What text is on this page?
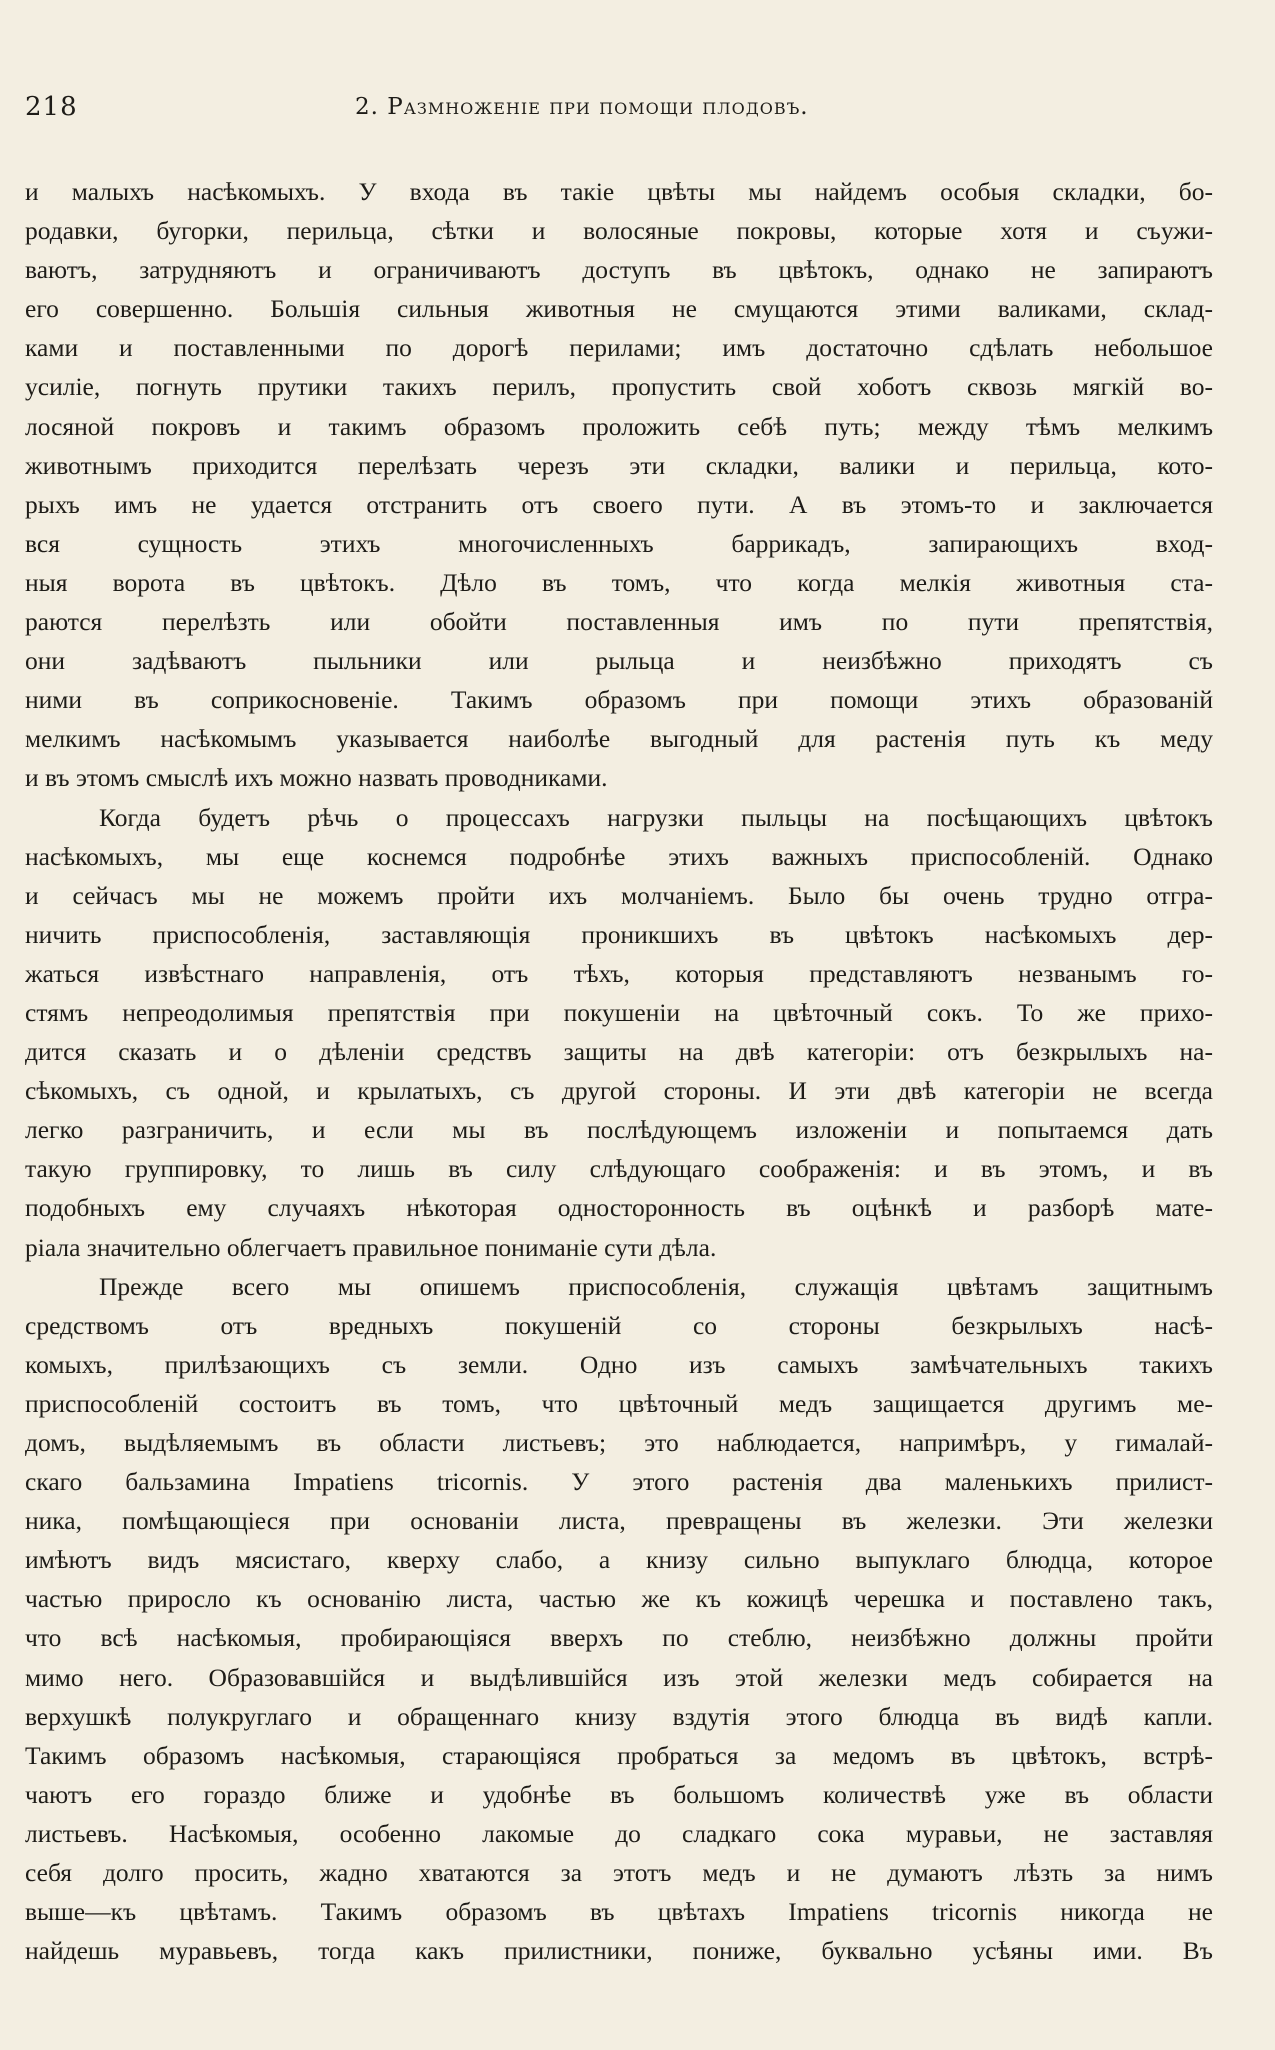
218	2. Размноженіе при помощи плодовъ.
и малыхъ насѣкомыхъ. У входа въ такіе цвѣты мы найдемъ особыя складки, бо-
родавки, бугорки, перильца, сѣтки и волосяные покровы, которые хотя и съужи-
ваютъ, затрудняютъ и ограничиваютъ доступъ въ цвѣтокъ, однако не запираютъ
его совершенно. Большія сильныя животныя не смущаются этими валиками, склад-
ками и поставленными по дорогѣ перилами; имъ достаточно сдѣлать небольшое
усиліе, погнуть прутики такихъ перилъ, пропустить свой хоботъ сквозь мягкій во-
лосяной покровъ и такимъ образомъ проложить себѣ путь; между тѣмъ мелкимъ
животнымъ приходится перелѣзать черезъ эти складки, валики и перильца, кото-
рыхъ имъ не удается отстранить отъ своего пути. А въ этомъ-то и заключается
вся сущность этихъ многочисленныхъ баррикадъ, запирающихъ вход-
ныя ворота въ цвѣтокъ. Дѣло въ томъ, что когда мелкія животныя ста-
раются перелѣзть или обойти поставленныя имъ по пути препятствія,
они задѣваютъ пыльники или рыльца и неизбѣжно приходятъ съ
ними въ соприкосновеніе. Такимъ образомъ при помощи этихъ образованій
мелкимъ насѣкомымъ указывается наиболѣе выгодный для растенія путь къ меду
и въ этомъ смыслѣ ихъ можно назвать проводниками.
Когда будетъ рѣчь о процессахъ нагрузки пыльцы на посѣщающихъ цвѣтокъ
насѣкомыхъ, мы еще коснемся подробнѣе этихъ важныхъ приспособленій. Однако
и сейчасъ мы не можемъ пройти ихъ молчаніемъ. Было бы очень трудно отгра-
ничить приспособленія, заставляющія проникшихъ въ цвѣтокъ насѣкомыхъ дер-
жаться извѣстнаго направленія, отъ тѣхъ, которыя представляютъ незванымъ го-
стямъ непреодолимыя препятствія при покушеніи на цвѣточный сокъ. То же прихо-
дится сказать и о дѣленіи средствъ защиты на двѣ категоріи: отъ безкрылыхъ на-
сѣкомыхъ, съ одной, и крылатыхъ, съ другой стороны. И эти двѣ категоріи не всегда
легко разграничить, и если мы въ послѣдующемъ изложеніи и попытаемся дать
такую группировку, то лишь въ силу слѣдующаго соображенія: и въ этомъ, и въ
подобныхъ ему случаяхъ нѣкоторая односторонность въ оцѣнкѣ и разборѣ мате-
ріала значительно облегчаетъ правильное пониманіе сути дѣла.
Прежде всего мы опишемъ приспособленія, служащія цвѣтамъ защитнымъ
средствомъ отъ вредныхъ покушеній со стороны безкрылыхъ насѣ-
комыхъ, прилѣзающихъ съ земли. Одно изъ самыхъ замѣчательныхъ такихъ
приспособленій состоитъ въ томъ, что цвѣточный медъ защищается другимъ ме-
домъ, выдѣляемымъ въ области листьевъ; это наблюдается, напримѣръ, у гималай-
скаго бальзамина Impatiens tricornis. У этого растенія два маленькихъ прилист-
ника, помѣщающіеся при основаніи листа, превращены въ железки. Эти железки
имѣютъ видъ мясистаго, кверху слабо, а книзу сильно выпуклаго блюдца, которое
частью приросло къ основанію листа, частью же къ кожицѣ черешка и поставлено такъ,
что всѣ насѣкомыя, пробирающіяся вверхъ по стеблю, неизбѣжно должны пройти
мимо него. Образовавшійся и выдѣлившійся изъ этой железки медъ собирается на
верхушкѣ полукруглаго и обращеннаго книзу вздутія этого блюдца въ видѣ капли.
Такимъ образомъ насѣкомыя, старающіяся пробраться за медомъ въ цвѣтокъ, встрѣ-
чаютъ его гораздо ближе и удобнѣе въ большомъ количествѣ уже въ области
листьевъ. Насѣкомыя, особенно лакомые до сладкаго сока муравьи, не заставляя
себя долго просить, жадно хватаются за этотъ медъ и не думаютъ лѣзть за нимъ
выше—къ цвѣтамъ. Такимъ образомъ въ цвѣтахъ Impatiens tricornis никогда не
найдешь муравьевъ, тогда какъ прилистники, пониже, буквально усѣяны ими. Въ
